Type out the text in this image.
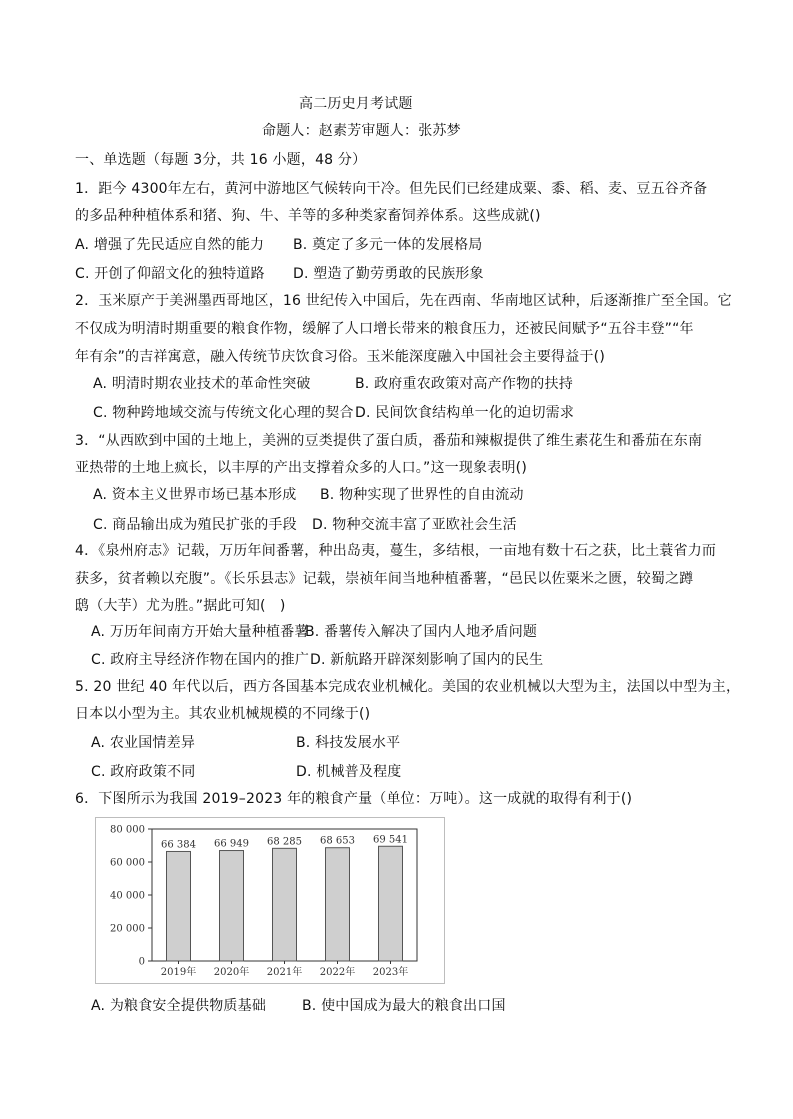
高二历史月考试题
命题人：赵素芳审题人：张苏梦
一、单选题（每题 3分，共 16 小题，48 分）
1．距今 4300年左右，黄河中游地区气候转向干冷。但先民们已经建成粟、黍、稻、麦、豆五谷齐备
的多品种种植体系和猪、狗、牛、羊等的多种类家畜饲养体系。这些成就()
A. 增强了先民适应自然的能力 B. 奠定了多元一体的发展格局
C. 开创了仰韶文化的独特道路 D. 塑造了勤劳勇敢的民族形象
2．玉米原产于美洲墨西哥地区，16 世纪传入中国后，先在西南、华南地区试种，后逐渐推广至全国。它
不仅成为明清时期重要的粮食作物，缓解了人口增长带来的粮食压力，还被民间赋予“五谷丰登”“年
年有余”的吉祥寓意，融入传统节庆饮食习俗。玉米能深度融入中国社会主要得益于()
A. 明清时期农业技术的革命性突破	B. 政府重农政策对高产作物的扶持
C. 物种跨地域交流与传统文化心理的契合 D. 民间饮食结构单一化的迫切需求
3．“从西欧到中国的土地上，美洲的豆类提供了蛋白质，番茄和辣椒提供了维生素花生和番茄在东南
亚热带的土地上疯长，以丰厚的产出支撑着众多的人口。”这一现象表明()
A. 资本主义世界市场已基本形成 B. 物种实现了世界性的自由流动
C. 商品输出成为殖民扩张的手段 D. 物种交流丰富了亚欧社会生活
4．《泉州府志》记载，万历年间番薯，种出岛夷，蔓生，多结根，一亩地有数十石之获，比土蓑省力而
获多，贫者赖以充腹”。《长乐县志》记载，崇祯年间当地种植番薯，“邑民以佐粟米之匮，较蜀之蹲
鸱（大芋）尤为胜。”据此可知(　)
A. 万历年间南方开始大量种植番薯
B. 番薯传入解决了国内人地矛盾问题
C. 政府主导经济作物在国内的推广 D. 新航路开辟深刻影响了国内的民生
5. 20 世纪 40 年代以后，西方各国基本完成农业机械化。美国的农业机械以大型为主，法国以中型为主，
日本以小型为主。其农业机械规模的不同缘于()
A. 农业国情差异	B. 科技发展水平
C. 政府政策不同	D. 机械普及程度
6．下图所示为我国 2019–2023 年的粮食产量（单位：万吨）。这一成就的取得有利于()
0
20 000
40 000
60 000
80 000
66 384
2019年
66 949
2020年
68 285
2021年
68 653
2022年
69 541
2023年
A. 为粮食安全提供物质基础	B. 使中国成为最大的粮食出口国
